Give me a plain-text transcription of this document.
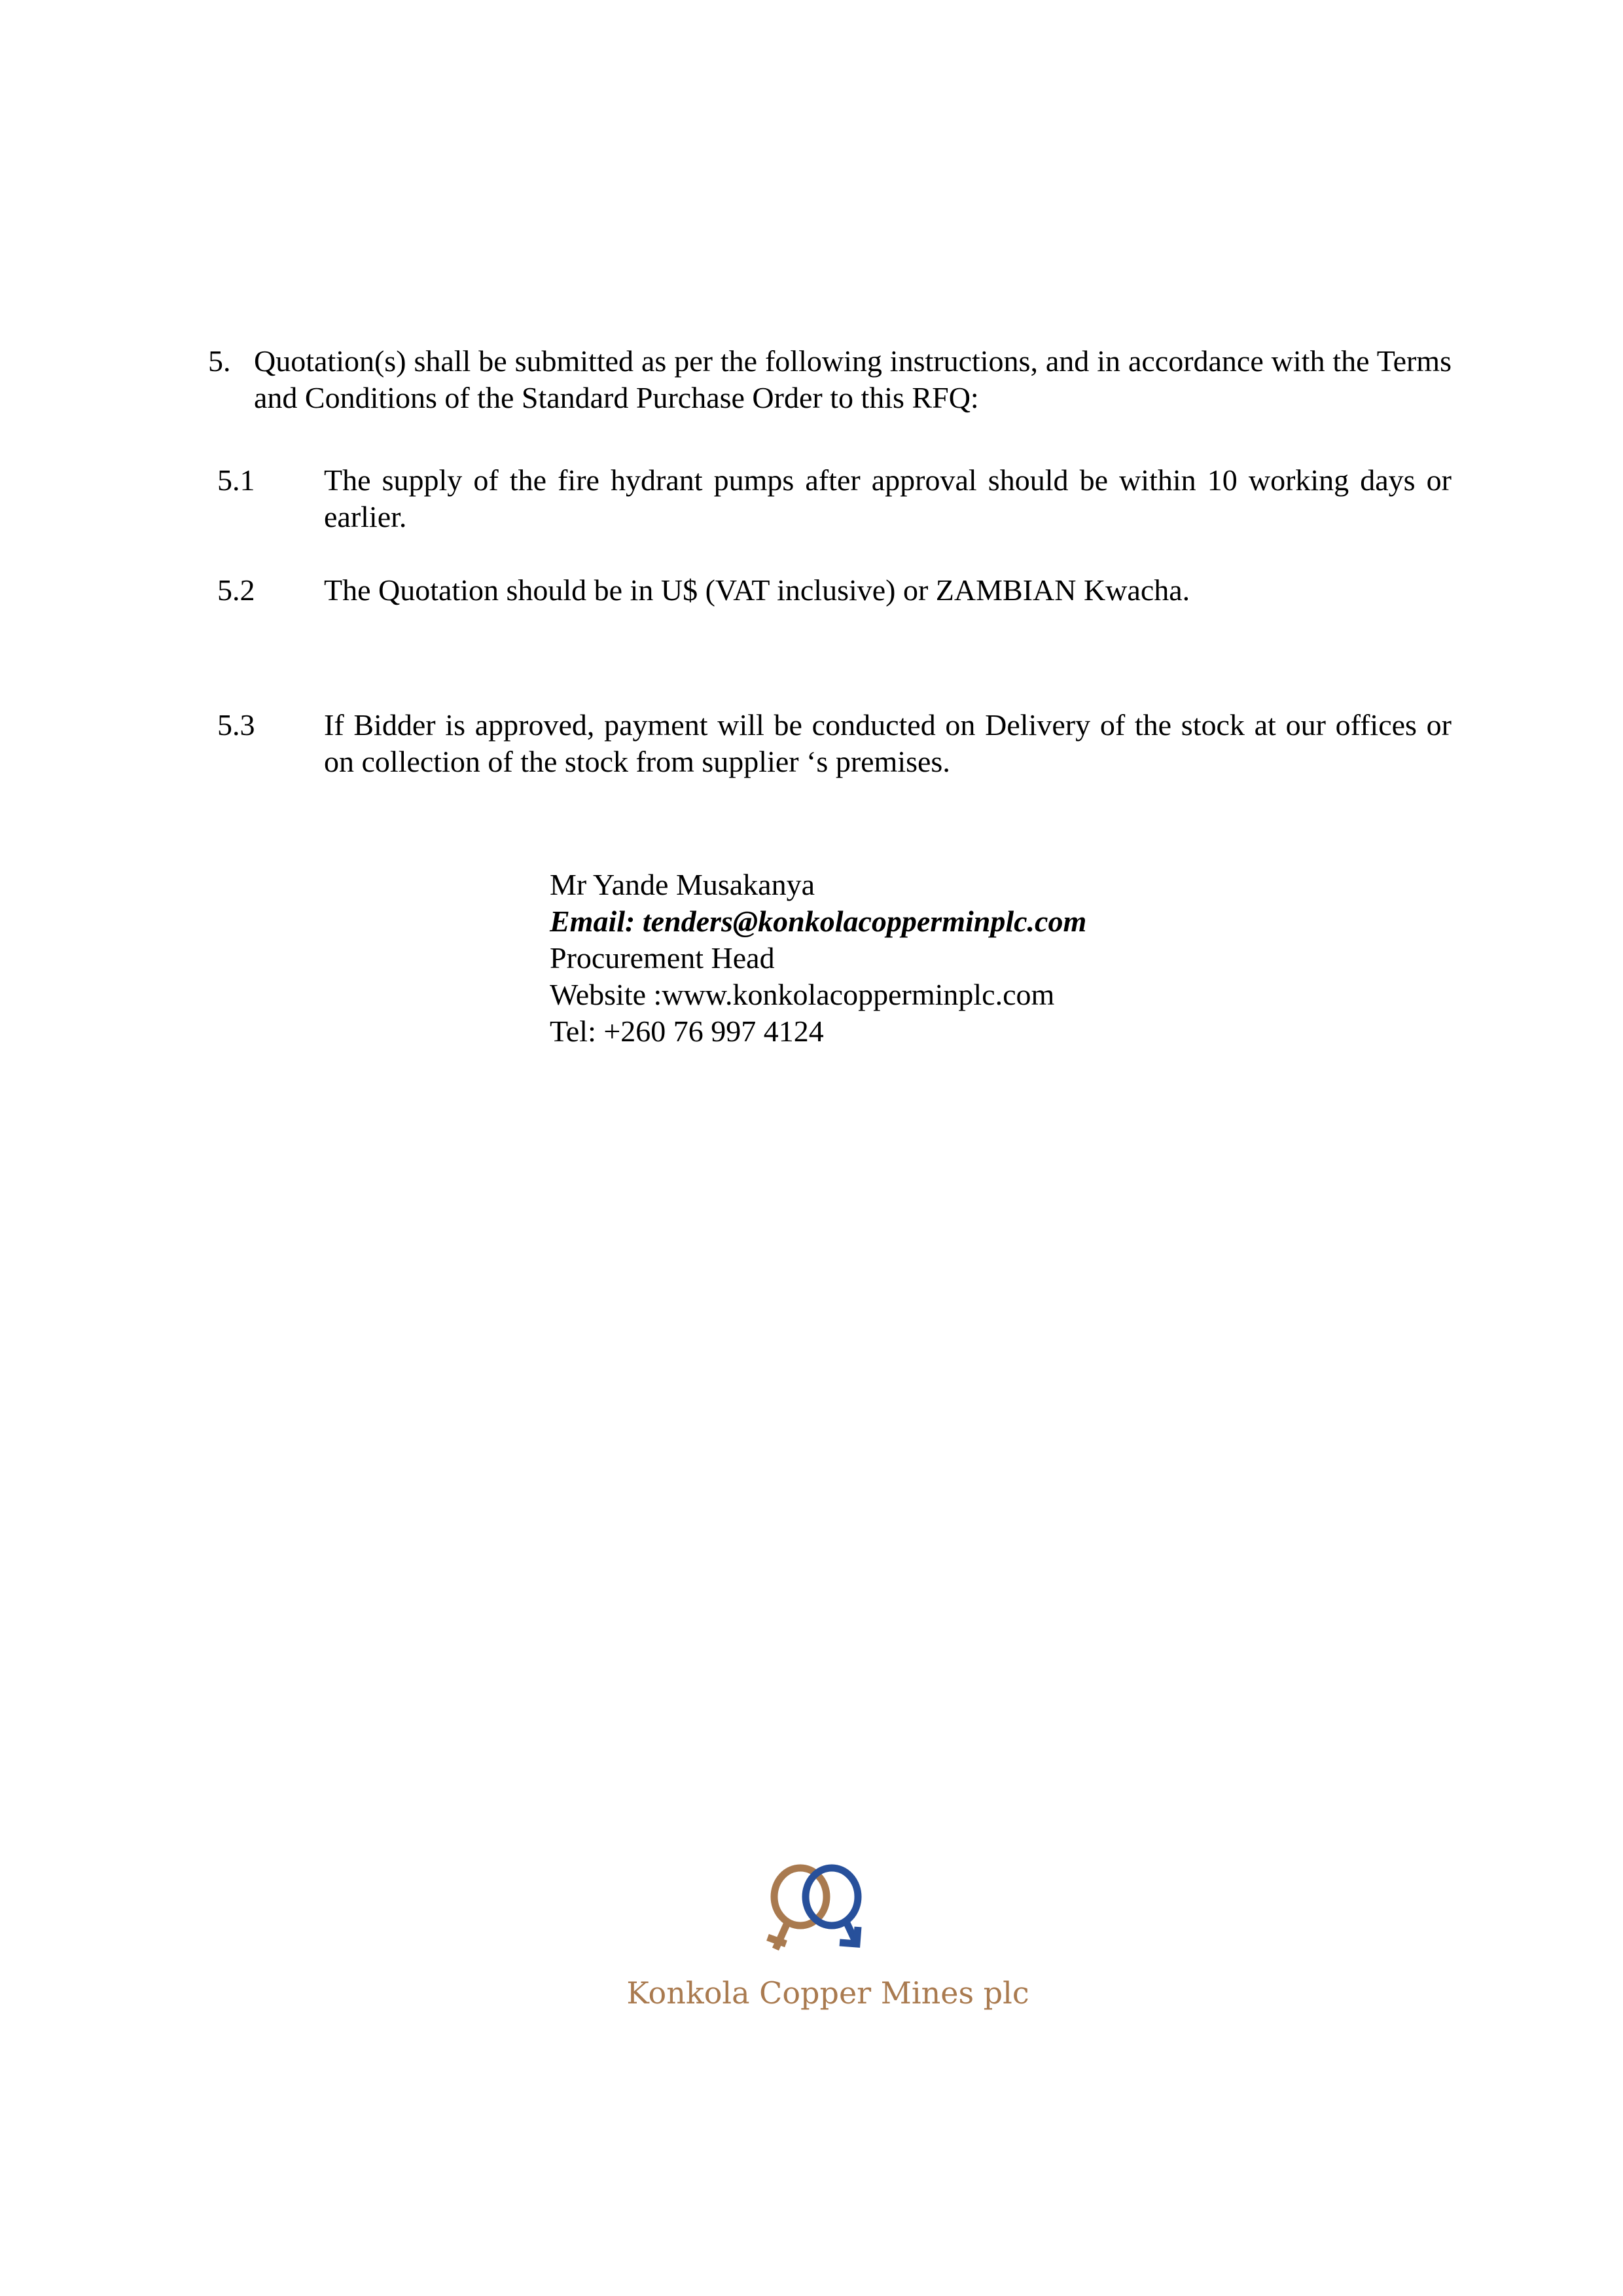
5. Quotation(s) shall be submitted as per the following instructions, and in accordance with the Terms and Conditions of the Standard Purchase Order to this RFQ:
5.1 The supply of the fire hydrant pumps after approval should be within 10 working days or earlier.
5.2 The Quotation should be in U$ (VAT inclusive) or ZAMBIAN Kwacha.
5.3 If Bidder is approved, payment will be conducted on Delivery of the stock at our offices or on collection of the stock from supplier ‘s premises.
Mr Yande Musakanya
Email: tenders@konkolacopperminplc.com
Procurement Head
Website :www.konkolacopperminplc.com
Tel: +260 76 997 4124
Konkola Copper Mines plc
